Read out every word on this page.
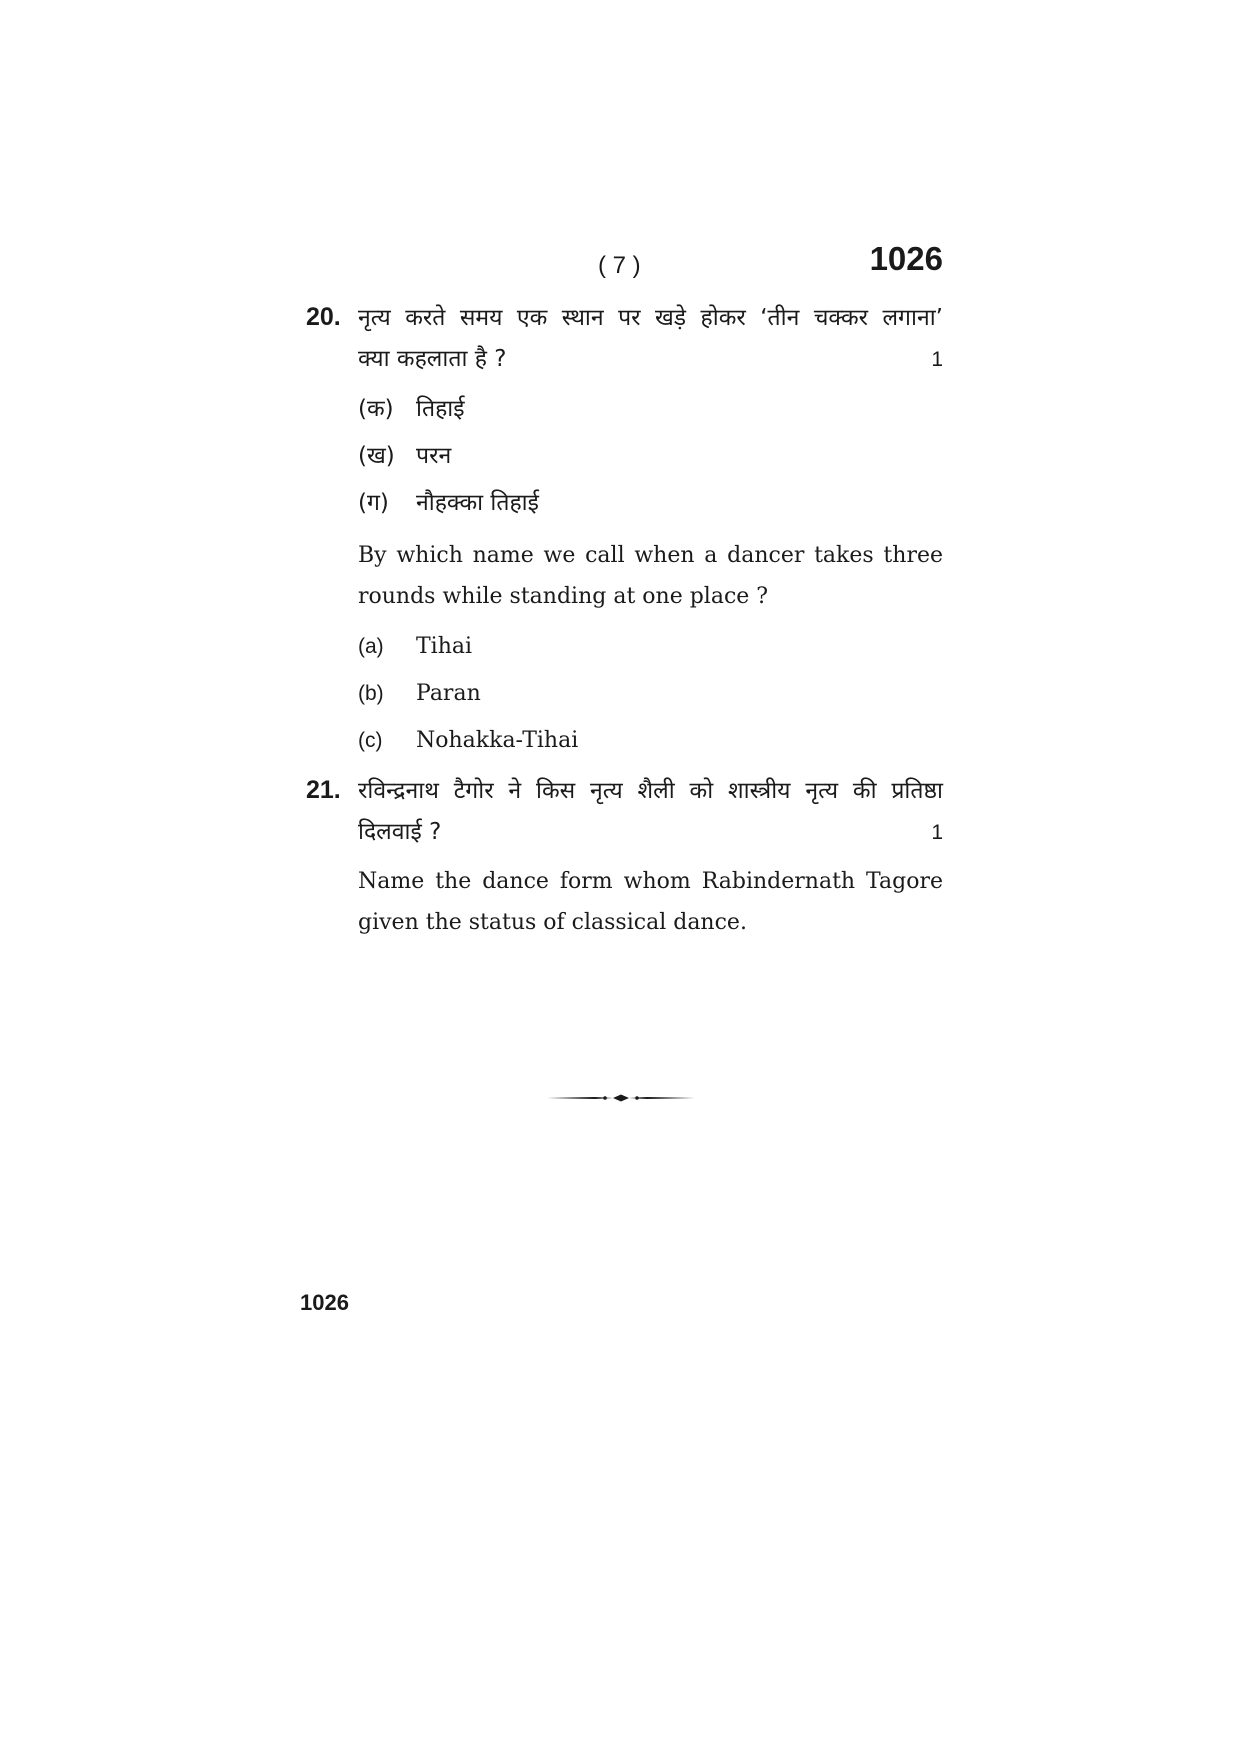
( 7 )	1026
20. नृत्य करते समय एक स्थान पर खड़े होकर ‘तीन चक्कर लगाना’
क्या कहलाता है ?	1
(क) तिहाई
(ख) परन
(ग)	नौहक्का तिहाई
By which name we call when a dancer takes three rounds while standing at one place ?
(a)	Tihai
(b)	Paran
(c)	Nohakka-Tihai
21. रविन्द्रनाथ टैगोर ने किस नृत्य शैली को शास्त्रीय नृत्य की प्रतिष्ठा
दिलवाई ?	1
Name the dance form whom Rabindernath Tagore given the status of classical dance.
1026
